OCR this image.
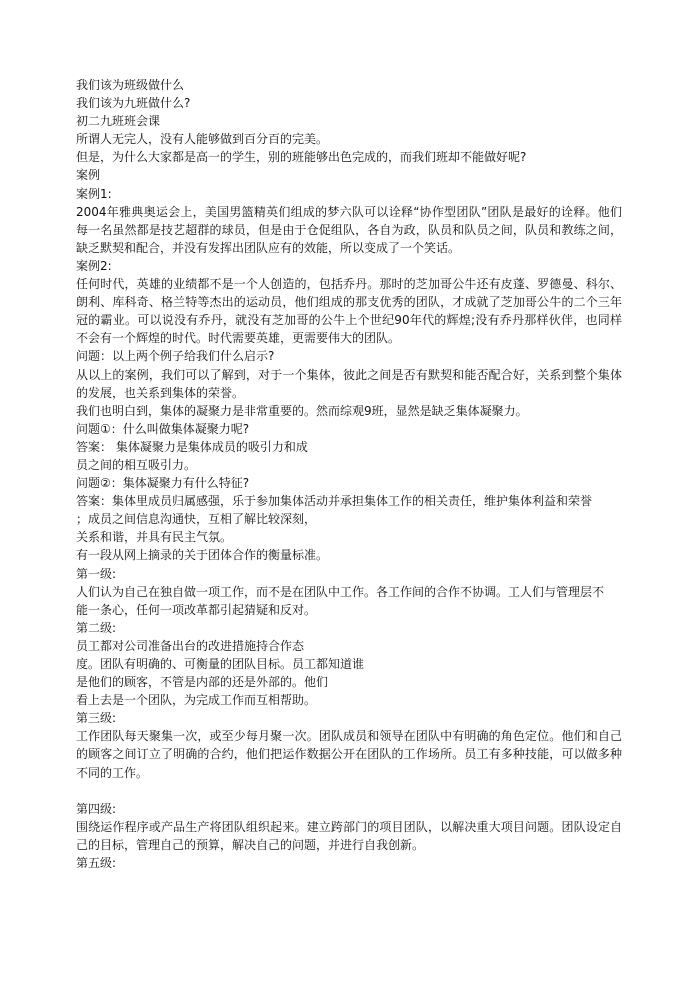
我们该为班级做什么
我们该为九班做什么?
初二九班班会课
所谓人无完人，没有人能够做到百分百的完美。
但是，为什么大家都是高一的学生，别的班能够出色完成的，而我们班却不能做好呢?
案例
案例1:
2004年雅典奥运会上，美国男篮精英们组成的梦六队可以诠释“协作型团队”团队是最好的诠释。他们每一名虽然都是技艺超群的球员，但是由于仓促组队，各自为政，队员和队员之间，队员和教练之间，缺乏默契和配合，并没有发挥出团队应有的效能，所以变成了一个笑话。
案例2:
任何时代，英雄的业绩都不是一个人创造的，包括乔丹。那时的芝加哥公牛还有皮蓬、罗德曼、科尔、朗利、库科奇、格兰特等杰出的运动员，他们组成的那支优秀的团队，才成就了芝加哥公牛的二个三年冠的霸业。可以说没有乔丹，就没有芝加哥的公牛上个世纪90年代的辉煌;没有乔丹那样伙伴，也同样不会有一个辉煌的时代。时代需要英雄，更需要伟大的团队。
问题：以上两个例子给我们什么启示?
从以上的案例，我们可以了解到，对于一个集体，彼此之间是否有默契和能否配合好，关系到整个集体的发展，也关系到集体的荣誉。
我们也明白到，集体的凝聚力是非常重要的。然而综观9班，显然是缺乏集体凝聚力。
问题①：什么叫做集体凝聚力呢?
答案： 集体凝聚力是集体成员的吸引力和成
员之间的相互吸引力。
问题②：集体凝聚力有什么特征?
答案：集体里成员归属感强，乐于参加集体活动并承担集体工作的相关责任，维护集体利益和荣誉
；成员之间信息沟通快，互相了解比较深刻，
关系和谐，并具有民主气氛。
有一段从网上摘录的关于团体合作的衡量标准。
第一级:
人们认为自己在独自做一项工作，而不是在团队中工作。各工作间的合作不协调。工人们与管理层不
能一条心，任何一项改革都引起猜疑和反对。
第二级:
员工都对公司准备出台的改进措施持合作态
度。团队有明确的、可衡量的团队目标。员工都知道谁
是他们的顾客，不管是内部的还是外部的。他们
看上去是一个团队，为完成工作而互相帮助。
第三级:
工作团队每天聚集一次，或至少每月聚一次。团队成员和领导在团队中有明确的角色定位。他们和自己的顾客之间订立了明确的合约，他们把运作数据公开在团队的工作场所。员工有多种技能，可以做多种不同的工作。
第四级:
围绕运作程序或产品生产将团队组织起来。建立跨部门的项目团队，以解决重大项目问题。团队设定自己的目标，管理自己的预算，解决自己的问题，并进行自我创新。
第五级:
